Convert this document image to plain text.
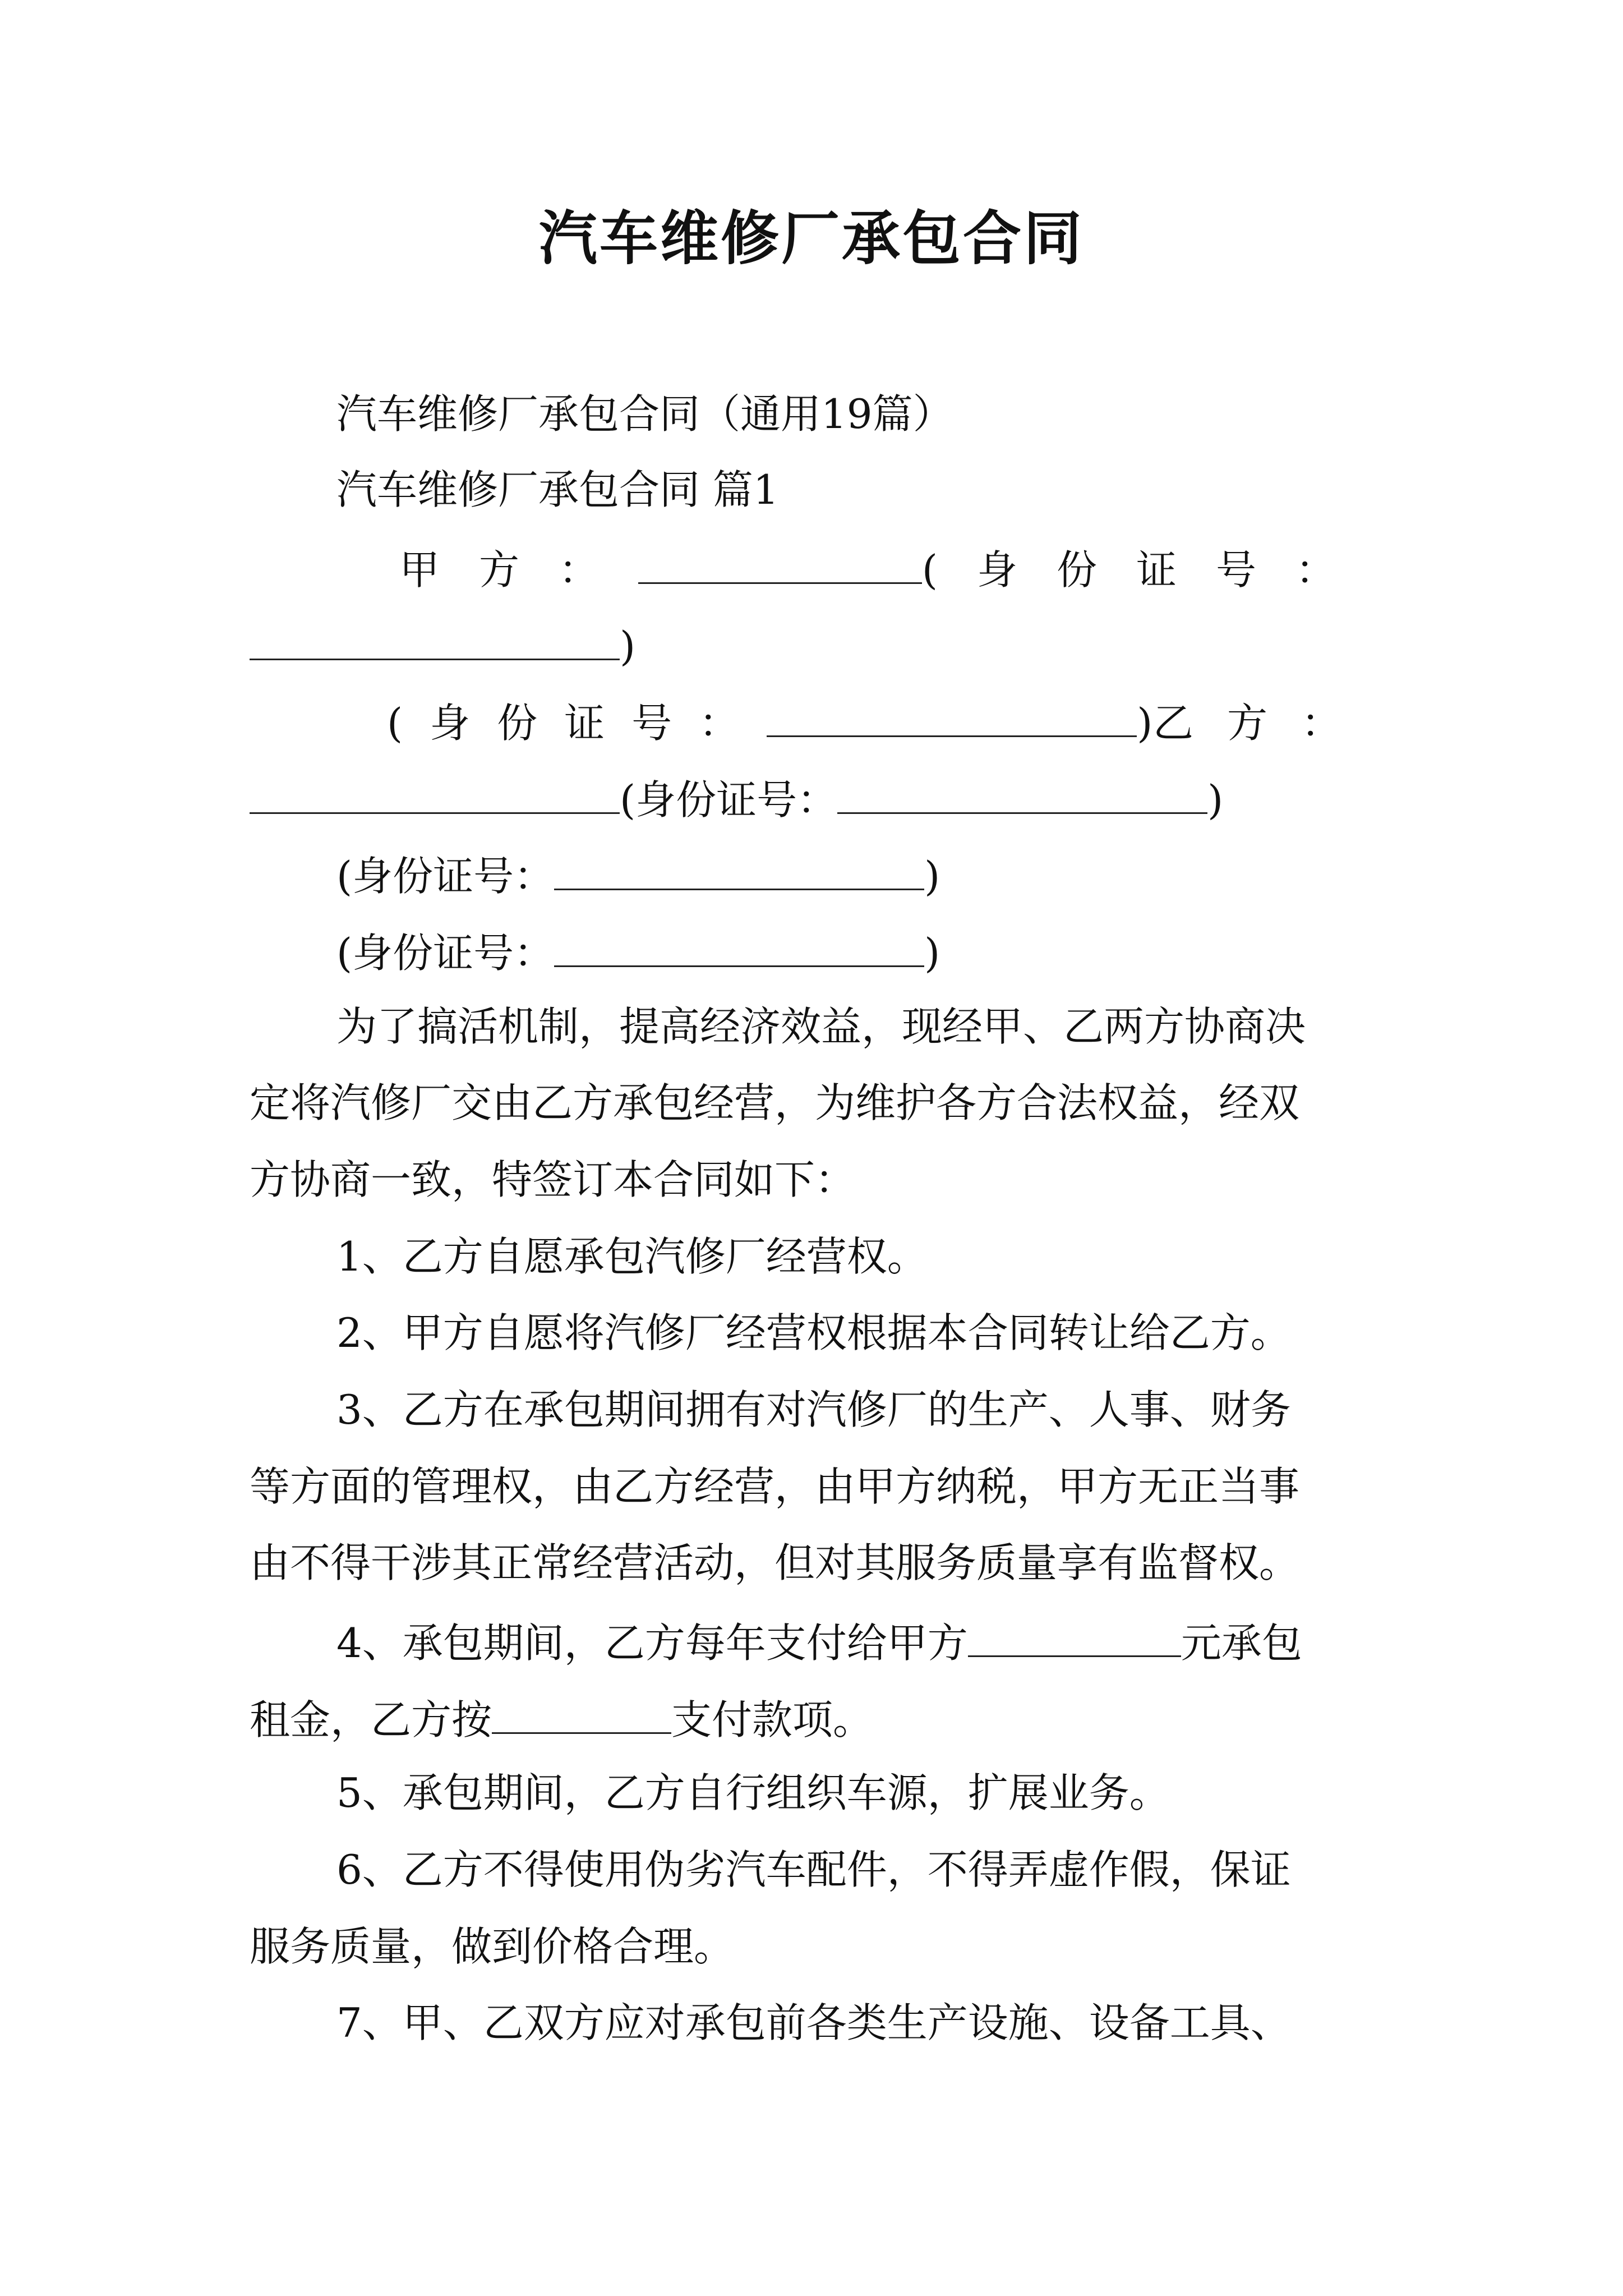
汽车维修厂承包合同

汽车维修厂承包合同（通用19篇）

汽车维修厂承包合同 篇1

甲方：	(身份证号：
)
(身份证号：	) 乙方：
(身份证号：	)
(身份证号：	)
(身份证号：	)

为了搞活机制，提高经济效益，现经甲、乙两方协商决

定将汽修厂交由乙方承包经营，为维护各方合法权益，经双

方协商一致，特签订本合同如下：

1、乙方自愿承包汽修厂经营权。

2、甲方自愿将汽修厂经营权根据本合同转让给乙方。

3、乙方在承包期间拥有对汽修厂的生产、人事、财务

等方面的管理权，由乙方经营，由甲方纳税，甲方无正当事

由不得干涉其正常经营活动，但对其服务质量享有监督权。

4、承包期间，乙方每年支付给甲方	元承包
租金，乙方按	支付款项。

5、承包期间，乙方自行组织车源，扩展业务。

6、乙方不得使用伪劣汽车配件，不得弄虚作假，保证

服务质量，做到价格合理。

7、甲、乙双方应对承包前各类生产设施、设备工具、
